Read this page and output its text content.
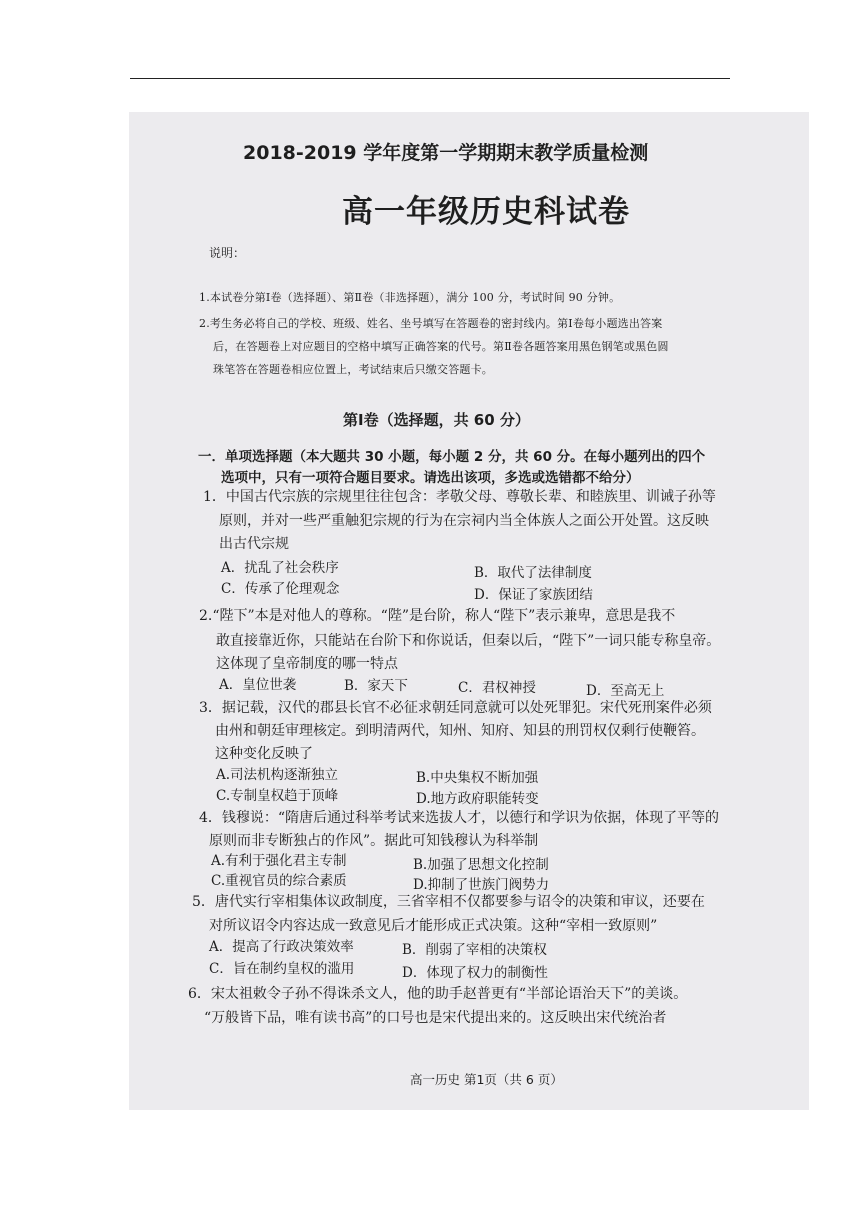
2018-2019 学年度第一学期期末教学质量检测
高一年级历史科试卷
说明：
1.本试卷分第Ⅰ卷（选择题）、第Ⅱ卷（非选择题），满分 100 分，考试时间 90 分钟。
2.考生务必将自己的学校、班级、姓名、坐号填写在答题卷的密封线内。第Ⅰ卷每小题选出答案
后，在答题卷上对应题目的空格中填写正确答案的代号。第Ⅱ卷各题答案用黑色钢笔或黑色圆
珠笔答在答题卷相应位置上，考试结束后只缴交答题卡。
第Ⅰ卷（选择题，共 60 分）
一．单项选择题（本大题共 30 小题，每小题 2 分，共 60 分。在每小题列出的四个
选项中，只有一项符合题目要求。请选出该项，多选或选错都不给分）
1．中国古代宗族的宗规里往往包含：孝敬父母、尊敬长辈、和睦族里、训诫子孙等
原则，并对一些严重触犯宗规的行为在宗祠内当全体族人之面公开处置。这反映
出古代宗规
A．扰乱了社会秩序	B．取代了法律制度
C．传承了伦理观念	D．保证了家族团结
2.“陛下”本是对他人的尊称。“陛”是台阶，称人“陛下”表示兼卑，意思是我不
敢直接靠近你，只能站在台阶下和你说话，但秦以后，“陛下”一词只能专称皇帝。
这体现了皇帝制度的哪一特点
A．皇位世袭	B．家天下	C．君权神授	D．至高无上
3．据记载，汉代的郡县长官不必征求朝廷同意就可以处死罪犯。宋代死刑案件必须
由州和朝廷审理核定。到明清两代，知州、知府、知县的刑罚权仅剩行使鞭笞。
这种变化反映了
A.司法机构逐渐独立	B.中央集权不断加强
C.专制皇权趋于顶峰	D.地方政府职能转变
4．钱穆说：“隋唐后通过科举考试来选拔人才，以德行和学识为依据，体现了平等的
原则而非专断独占的作风”。据此可知钱穆认为科举制
A.有利于强化君主专制	B.加强了思想文化控制
C.重视官员的综合素质	D.抑制了世族门阀势力
5．唐代实行宰相集体议政制度，三省宰相不仅都要参与诏令的决策和审议，还要在
对所议诏令内容达成一致意见后才能形成正式决策。这种“宰相一致原则”
A．提高了行政决策效率	B．削弱了宰相的决策权
C．旨在制约皇权的滥用	D．体现了权力的制衡性
6．宋太祖敕令子孙不得诛杀文人，他的助手赵普更有“半部论语治天下”的美谈。
“万般皆下品，唯有读书高”的口号也是宋代提出来的。这反映出宋代统治者
高一历史 第1页（共 6 页）
